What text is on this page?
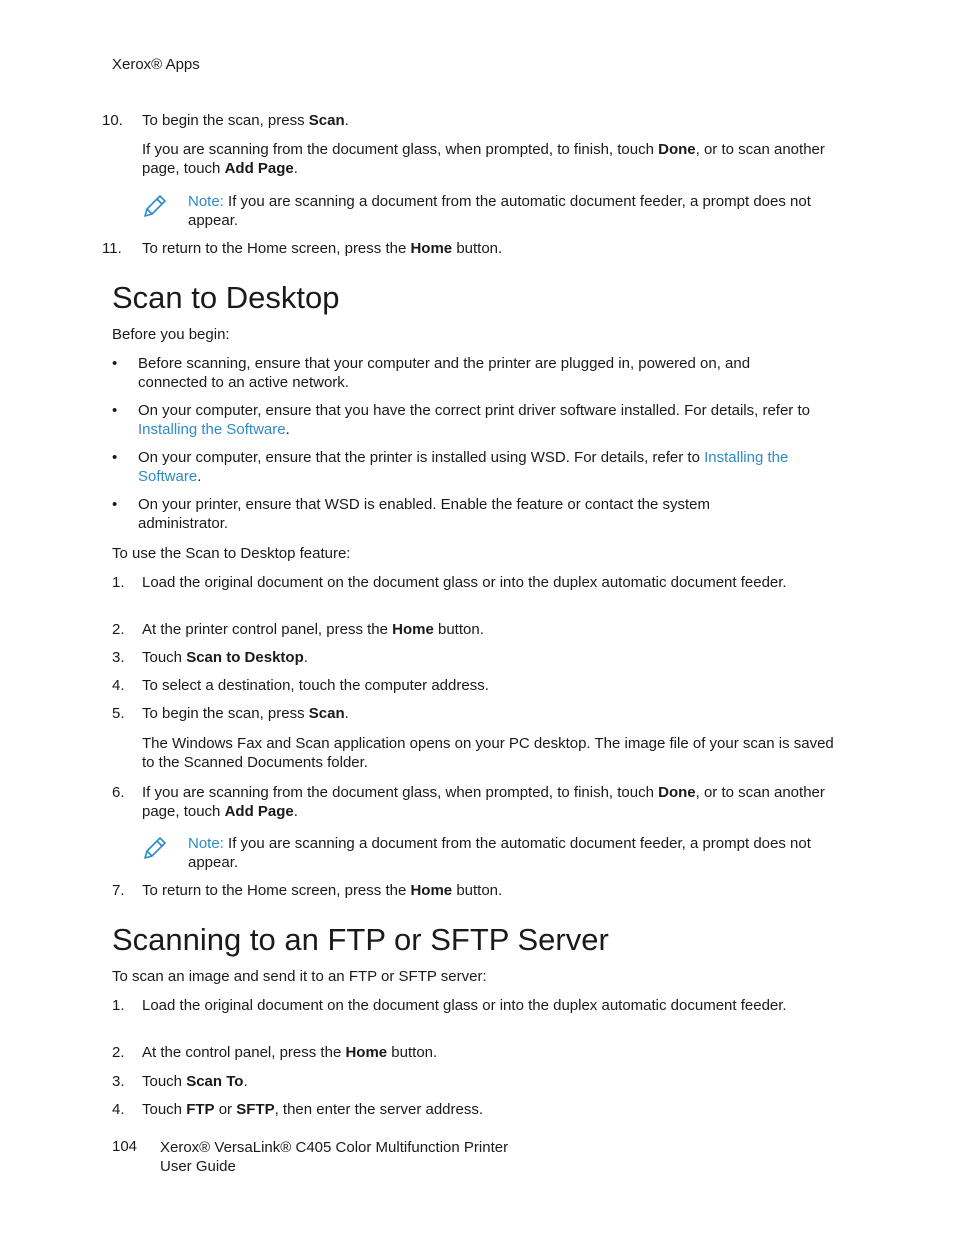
Xerox® Apps
10.	To begin the scan, press Scan.
If you are scanning from the document glass, when prompted, to finish, touch Done, or to scan another page, touch Add Page.
Note: If you are scanning a document from the automatic document feeder, a prompt does not appear.
11.	To return to the Home screen, press the Home button.
Scan to Desktop
Before you begin:
•	Before scanning, ensure that your computer and the printer are plugged in, powered on, and connected to an active network.
•	On your computer, ensure that you have the correct print driver software installed. For details, refer to Installing the Software.
•	On your computer, ensure that the printer is installed using WSD. For details, refer to Installing the Software.
•	On your printer, ensure that WSD is enabled. Enable the feature or contact the system administrator.
To use the Scan to Desktop feature:
1.	Load the original document on the document glass or into the duplex automatic document feeder.
2.	At the printer control panel, press the Home button.
3.	Touch Scan to Desktop.
4.	To select a destination, touch the computer address.
5.	To begin the scan, press Scan.
The Windows Fax and Scan application opens on your PC desktop. The image file of your scan is saved to the Scanned Documents folder.
6.	If you are scanning from the document glass, when prompted, to finish, touch Done, or to scan another page, touch Add Page.
Note: If you are scanning a document from the automatic document feeder, a prompt does not appear.
7.	To return to the Home screen, press the Home button.
Scanning to an FTP or SFTP Server
To scan an image and send it to an FTP or SFTP server:
1.	Load the original document on the document glass or into the duplex automatic document feeder.
2.	At the control panel, press the Home button.
3.	Touch Scan To.
4.	Touch FTP or SFTP, then enter the server address.
104 Xerox® VersaLink® C405 Color Multifunction Printer
User Guide
